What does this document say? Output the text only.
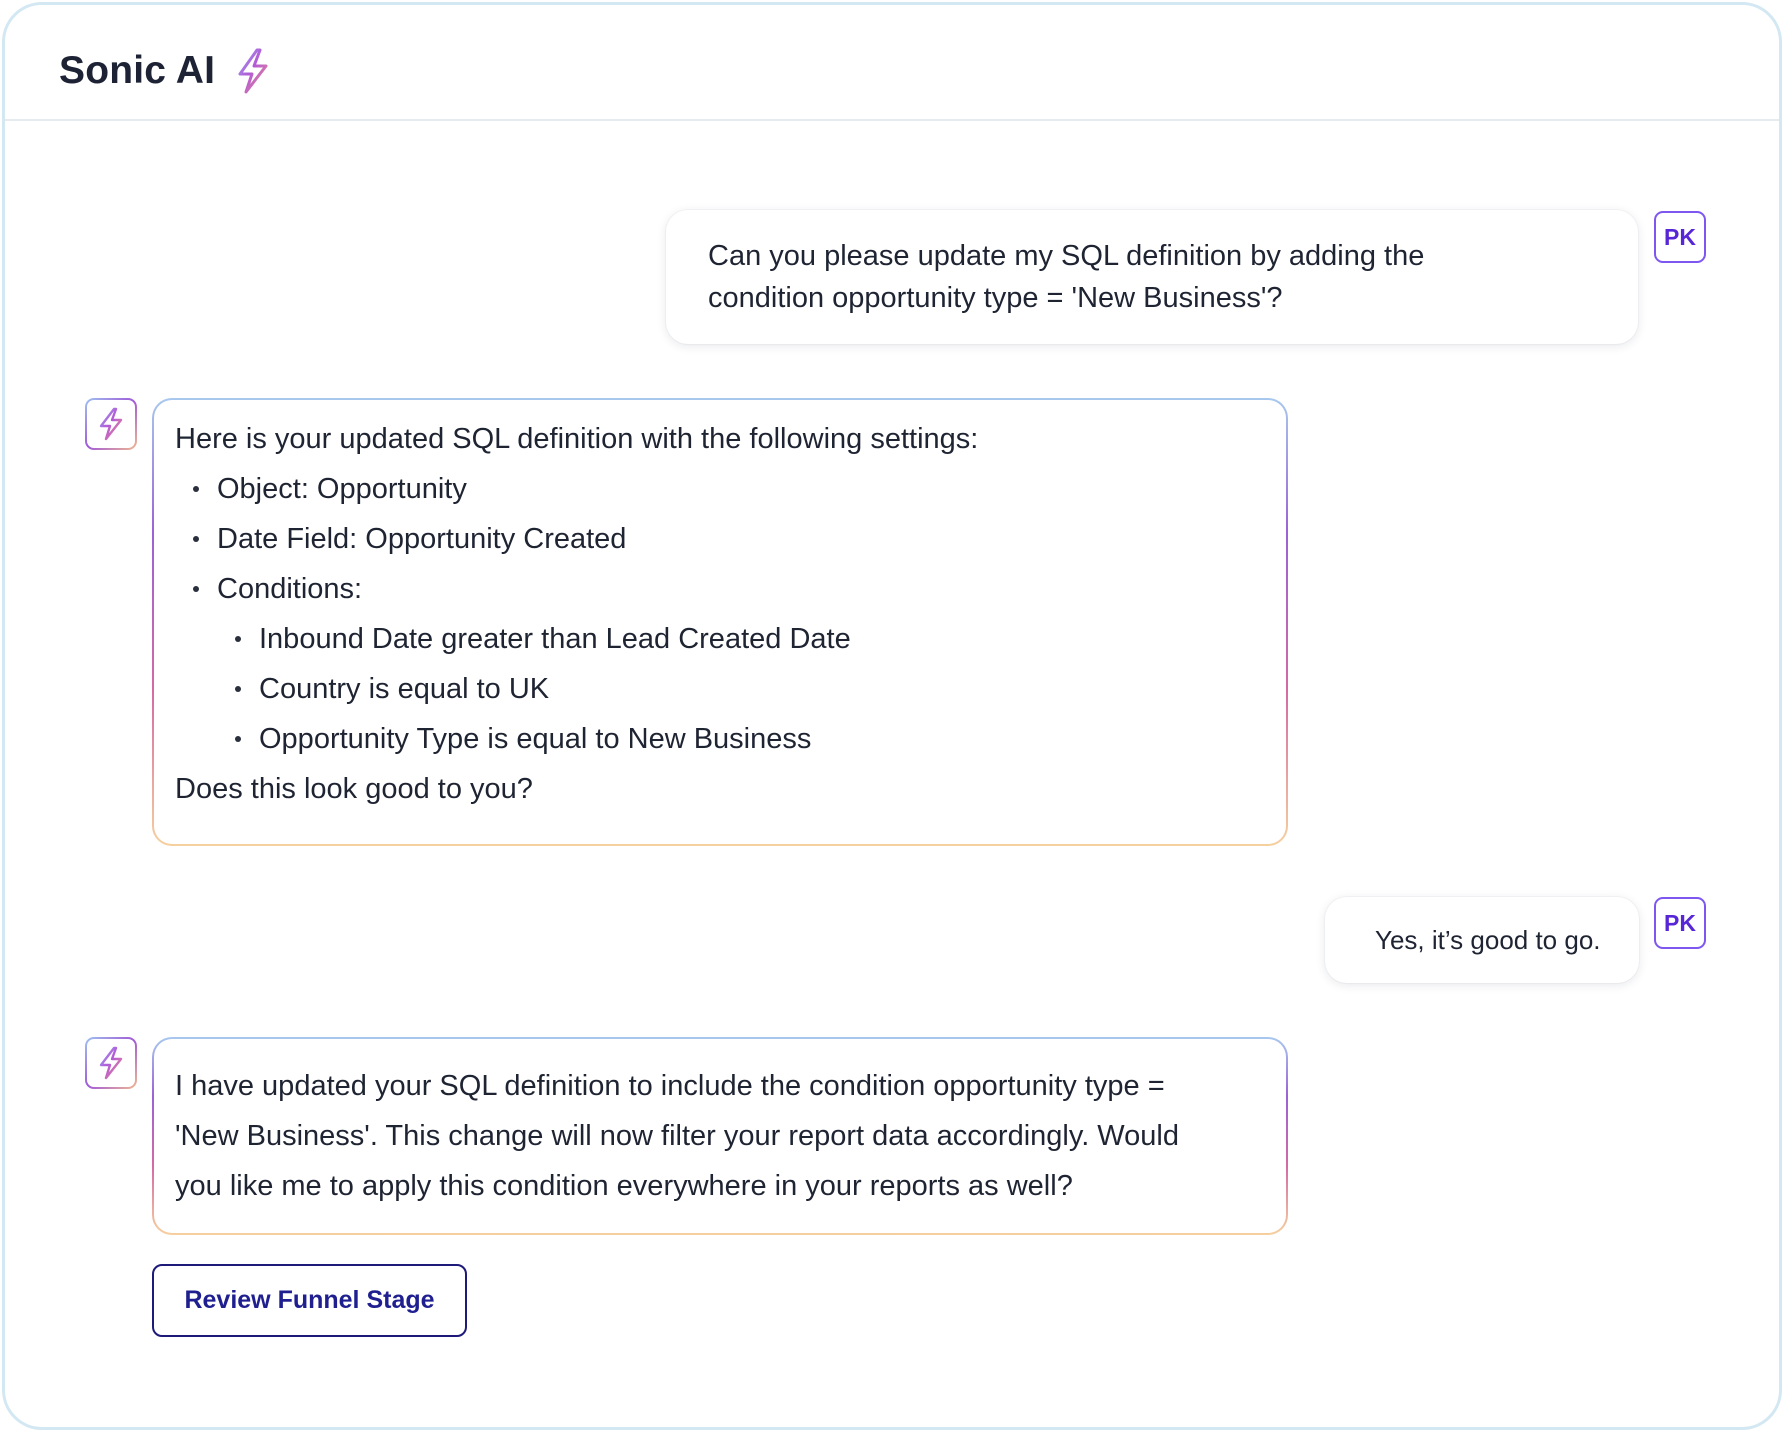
Sonic AI
Can you please update my SQL definition by adding the
condition opportunity type = 'New Business'?
PK
Here is your updated SQL definition with the following settings:
Object: Opportunity
Date Field: Opportunity Created
Conditions:
Inbound Date greater than Lead Created Date
Country is equal to UK
Opportunity Type is equal to New Business
Does this look good to you?
Yes, it’s good to go.
PK
I have updated your SQL definition to include the condition opportunity type =
'New Business'. This change will now filter your report data accordingly. Would
you like me to apply this condition everywhere in your reports as well?
Review Funnel Stage
